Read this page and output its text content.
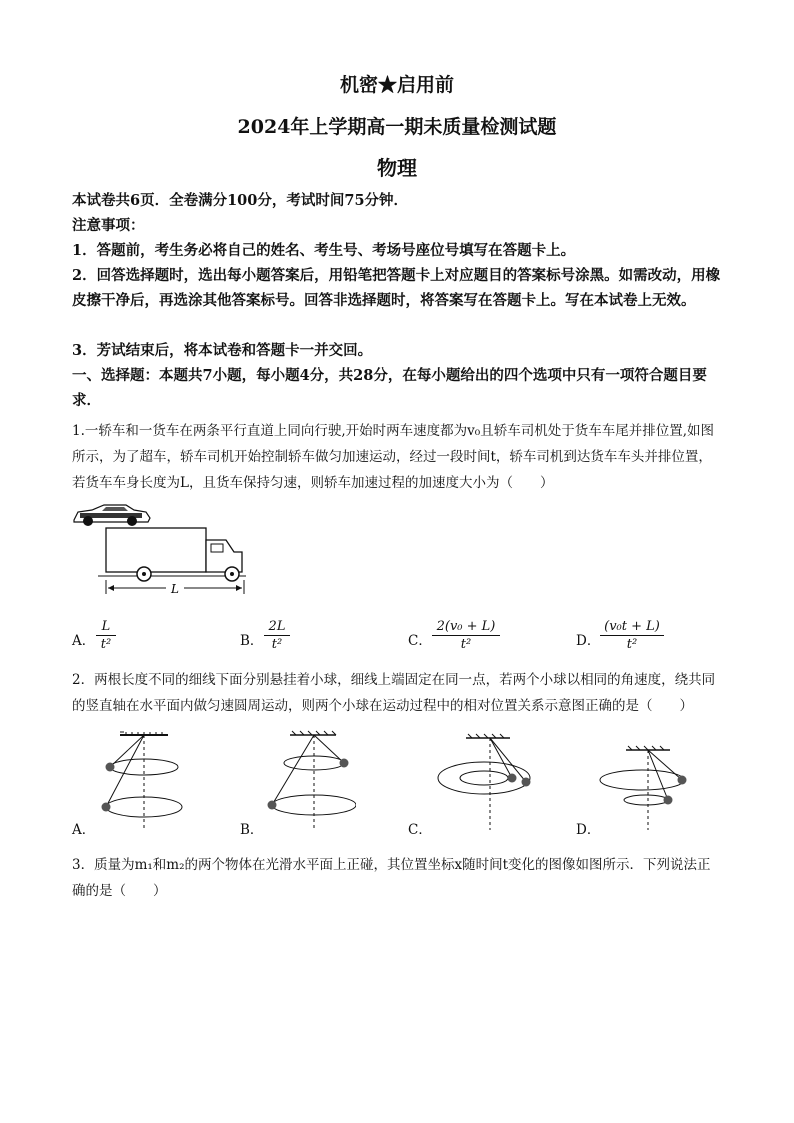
机密★启用前
2024年上学期高一期未质量检测试题
物理
本试卷共6页．全卷满分100分，考试时间75分钟．
注意事项：
1．答题前，考生务必将自己的姓名、考生号、考场号座位号填写在答题卡上。
2．回答选择题时，选出每小题答案后，用铅笔把答题卡上对应题目的答案标号涂黑。如需改动，用橡皮擦干净后，再选涂其他答案标号。回答非选择题时，将答案写在答题卡上。写在本试卷上无效。
3．芳试结束后，将本试卷和答题卡一并交回。
一、选择题：本题共7小题，每小题4分，共28分，在每小题给出的四个选项中只有一项符合题目要求．
1.一轿车和一货车在两条平行直道上同向行驶,开始时两车速度都为v₀且轿车司机处于货车车尾并排位置,如图所示，为了超车，轿车司机开始控制轿车做匀加速运动，经过一段时间t，轿车司机到达货车车头并排位置，若货车车身长度为L，且货车保持匀速，则轿车加速过程的加速度大小为（　　）
L
A． $\frac{L}{\text{t²}}$	B． $\frac{2L}{\text{t²}}$	C． $\frac{\text{2(v₀ + L)}}{\text{t²}}$	D． $\frac{\text{(v₀t + L)}}{\text{t²}}$
2．两根长度不同的细线下面分别悬挂着小球，细线上端固定在同一点，若两个小球以相同的角速度，绕共同的竖直轴在水平面内做匀速圆周运动，则两个小球在运动过程中的相对位置关系示意图正确的是（　　）
A．	B．	C．	D．
3．质量为m₁和m₂的两个物体在光滑水平面上正碰，其位置坐标x随时间t变化的图像如图所示．下列说法正确的是（　　）
